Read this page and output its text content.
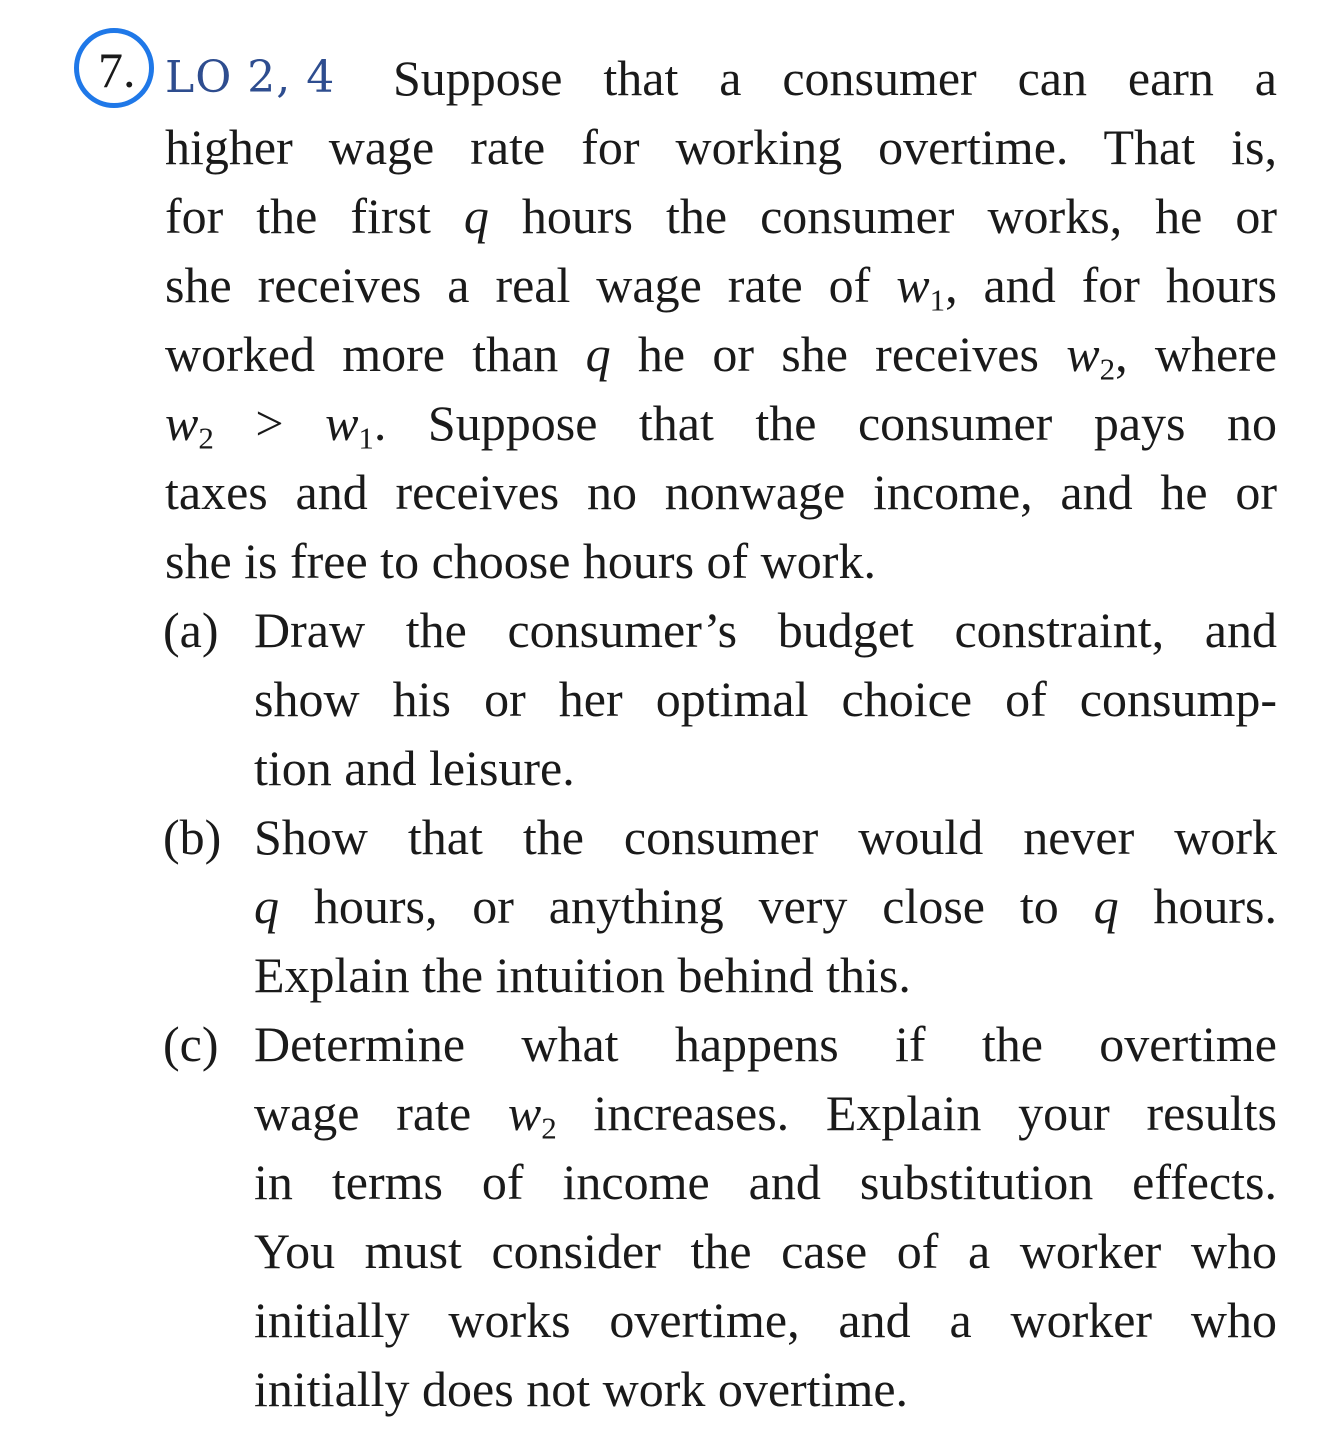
7. LO 2, 4 Suppose that a consumer can earn a
higher wage rate for working overtime. That is,
for the first q hours the consumer works, he or
she receives a real wage rate of $w_1$, and for hours
worked more than q he or she receives $w_2$, where
$w_2 > w_1$. Suppose that the consumer pays no
taxes and receives no nonwage income, and he or
she is free to choose hours of work.
(a) Draw the consumer’s budget constraint, and
show his or her optimal choice of consump-
tion and leisure.
(b) Show that the consumer would never work
q hours, or anything very close to q hours.
Explain the intuition behind this.
(c) Determine what happens if the overtime
wage rate $w_2$ increases. Explain your results
in terms of income and substitution effects.
You must consider the case of a worker who
initially works overtime, and a worker who
initially does not work overtime.
